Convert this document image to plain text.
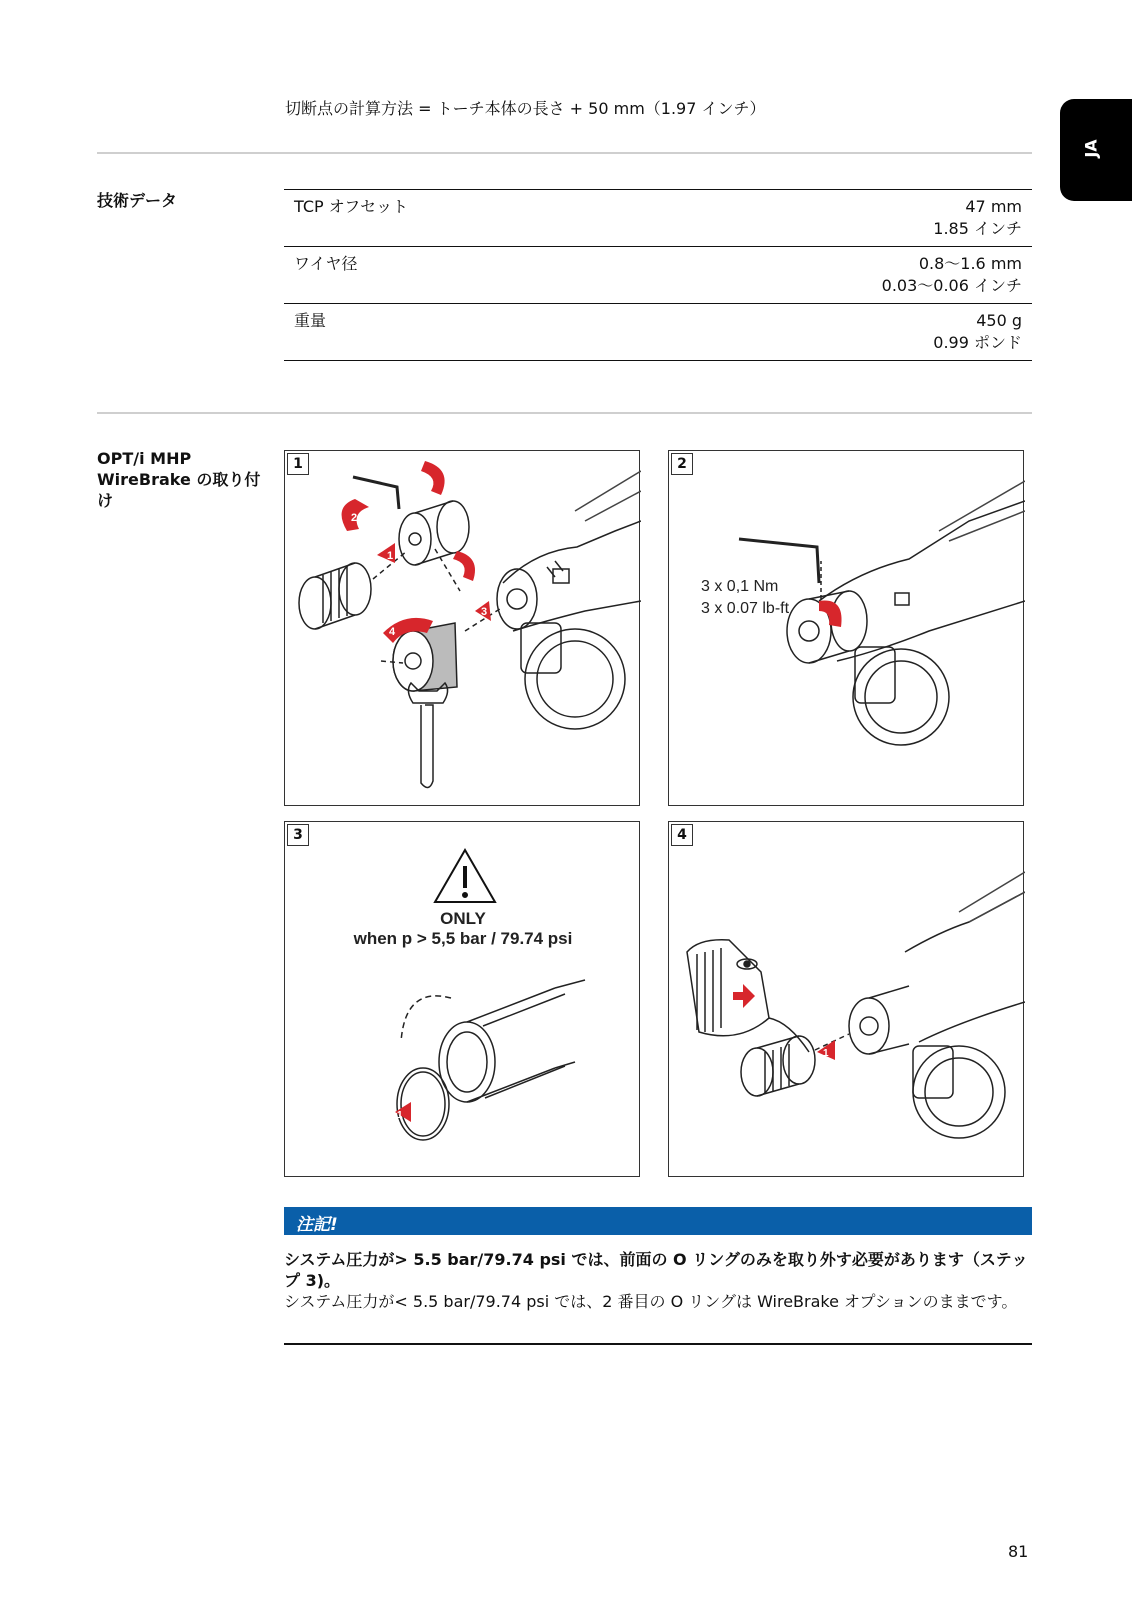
切断点の計算方法 = トーチ本体の長さ + 50 mm（1.97 インチ）
JA
技術データ	TCP オフセット	47 mm
1.85 インチ
ワイヤ径	0.8〜1.6 mm
0.03〜0.06 インチ
重量	450 g
0.99 ポンド
OPT/i MHP WireBrake の取り付け
1
3
4
2
1
3 x 0,1 Nm
3 x 0.07 lb-ft
2
ONLY
when p > 5,5 bar / 79.74 psi
1
3
1
4
注記!

システム圧力が> 5.5 bar/79.74 psi では、前面の O リングのみを取り外す必要があります（ステップ 3)。

システム圧力が< 5.5 bar/79.74 psi では、2 番目の O リングは WireBrake オプションのままです。

81
